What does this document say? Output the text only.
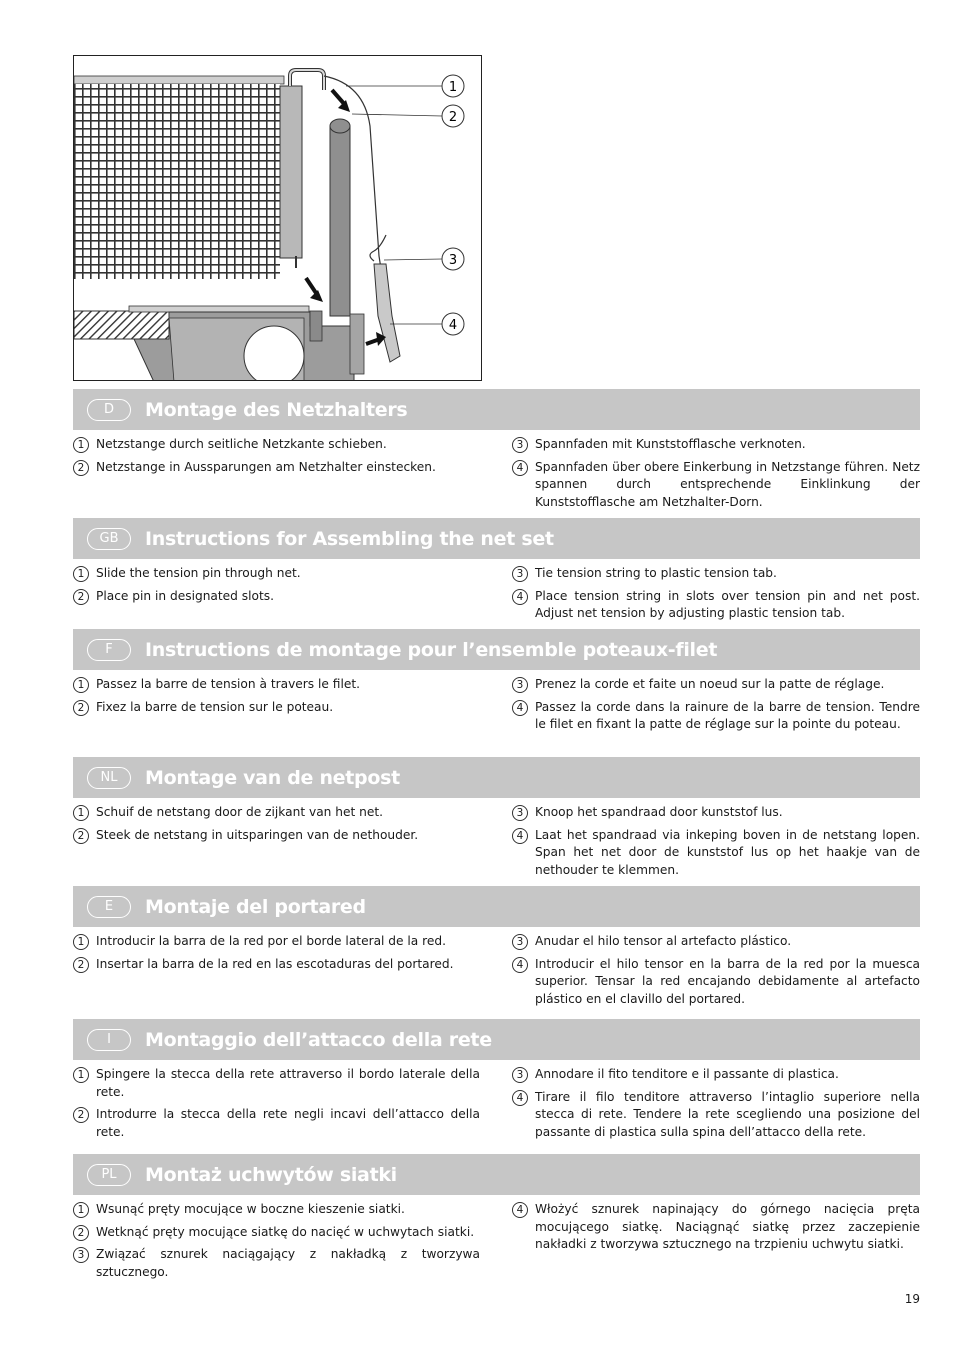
1
2
3
4
D	Montage des Netzhalters
1 Netzstange durch seitliche Netzkante schieben.
2 Netzstange in Aussparungen am Netzhalter einstecken.
3 Spannfaden mit Kunststofflasche verknoten.
4 Spannfaden über obere Einkerbung in Netzstange führen. Netz spannen durch entsprechende Einklinkung der Kunststofflasche am Netzhalter-Dorn.
GB	Instructions for Assembling the net set
1 Slide the tension pin through net.
2 Place pin in designated slots.
3 Tie tension string to plastic tension tab.
4 Place tension string in slots over tension pin and net post. Adjust net tension by adjusting plastic tension tab.
F	Instructions de montage pour l’ensemble poteaux-filet
1 Passez la barre de tension à travers le filet.
2 Fixez la barre de tension sur le poteau.
3 Prenez la corde et faite un noeud sur la patte de réglage.
4 Passez la corde dans la rainure de la barre de tension. Tendre le filet en fixant la patte de réglage sur la pointe du poteau.
NL	Montage van de netpost
1 Schuif de netstang door de zijkant van het net.
2 Steek de netstang in uitsparingen van de nethouder.
3 Knoop het spandraad door kunststof lus.
4 Laat het spandraad via inkeping boven in de netstang lopen. Span het net door de kunststof lus op het haakje van de nethouder te klemmen.
E	Montaje del portared
1 Introducir la barra de la red por el borde lateral de la red.
2 Insertar la barra de la red en las escotaduras del portared.
3 Anudar el hilo tensor al artefacto plástico.
4 Introducir el hilo tensor en la barra de la red por la muesca superior. Tensar la red encajando debidamente al artefacto plástico en el clavillo del portared.
I	Montaggio dell’attacco della rete
1 Spingere la stecca della rete attraverso il bordo laterale della rete.
2 Introdurre la stecca della rete negli incavi dell’attacco della rete.
3 Annodare il fito tenditore e il passante di plastica.
4 Tirare il filo tenditore attraverso l’intaglio superiore nella stecca di rete. Tendere la rete scegliendo una posizione del passante di plastica sulla spina dell’attacco della rete.
PL	Montaż uchwytów siatki
1 Wsunąć pręty mocujące w boczne kieszenie siatki.
2 Wetknąć pręty mocujące siatkę do nacięć w uchwytach siatki.
3 Związać sznurek naciągający z nakładką z tworzywa sztucznego.
4 Włożyć sznurek napinający do górnego nacięcia pręta mocującego siatkę. Naciągnąć siatkę przez zaczepienie nakładki z tworzywa sztucznego na trzpieniu uchwytu siatki.
19
